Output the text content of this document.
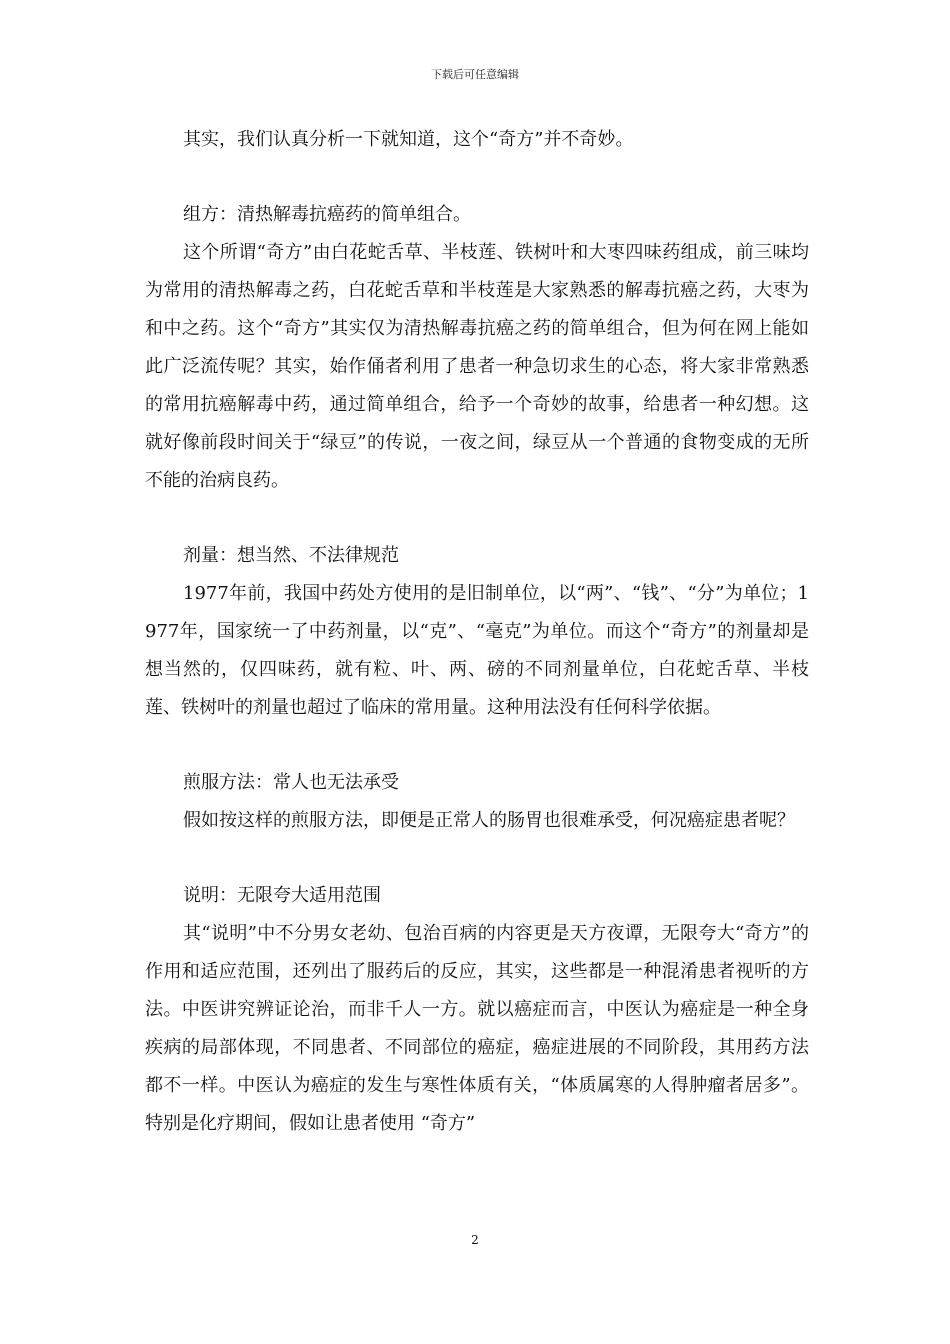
下载后可任意编辑

其实，我们认真分析一下就知道，这个“奇方”并不奇妙。

组方：清热解毒抗癌药的简单组合。

这个所谓“奇方”由白花蛇舌草、半枝莲、铁树叶和大枣四味药组成，前三味均为常用的清热解毒之药，白花蛇舌草和半枝莲是大家熟悉的解毒抗癌之药，大枣为和中之药。这个“奇方”其实仅为清热解毒抗癌之药的简单组合，但为何在网上能如此广泛流传呢？其实，始作俑者利用了患者一种急切求生的心态，将大家非常熟悉的常用抗癌解毒中药，通过简单组合，给予一个奇妙的故事，给患者一种幻想。这就好像前段时间关于“绿豆”的传说，一夜之间，绿豆从一个普通的食物变成的无所不能的治病良药。

剂量：想当然、不法律规范

1977年前，我国中药处方使用的是旧制单位，以“两”、“钱”、“分”为单位；1977年，国家统一了中药剂量，以“克”、“毫克”为单位。而这个“奇方”的剂量却是想当然的，仅四味药，就有粒、叶、两、磅的不同剂量单位，白花蛇舌草、半枝莲、铁树叶的剂量也超过了临床的常用量。这种用法没有任何科学依据。

煎服方法：常人也无法承受

假如按这样的煎服方法，即便是正常人的肠胃也很难承受，何况癌症患者呢？

说明：无限夸大适用范围

其“说明”中不分男女老幼、包治百病的内容更是天方夜谭，无限夸大“奇方”的作用和适应范围，还列出了服药后的反应，其实，这些都是一种混淆患者视听的方法。中医讲究辨证论治，而非千人一方。就以癌症而言，中医认为癌症是一种全身疾病的局部体现，不同患者、不同部位的癌症，癌症进展的不同阶段，其用药方法都不一样。中医认为癌症的发生与寒性体质有关，“体质属寒的人得肿瘤者居多”。特别是化疗期间，假如让患者使用 “奇方”

2
